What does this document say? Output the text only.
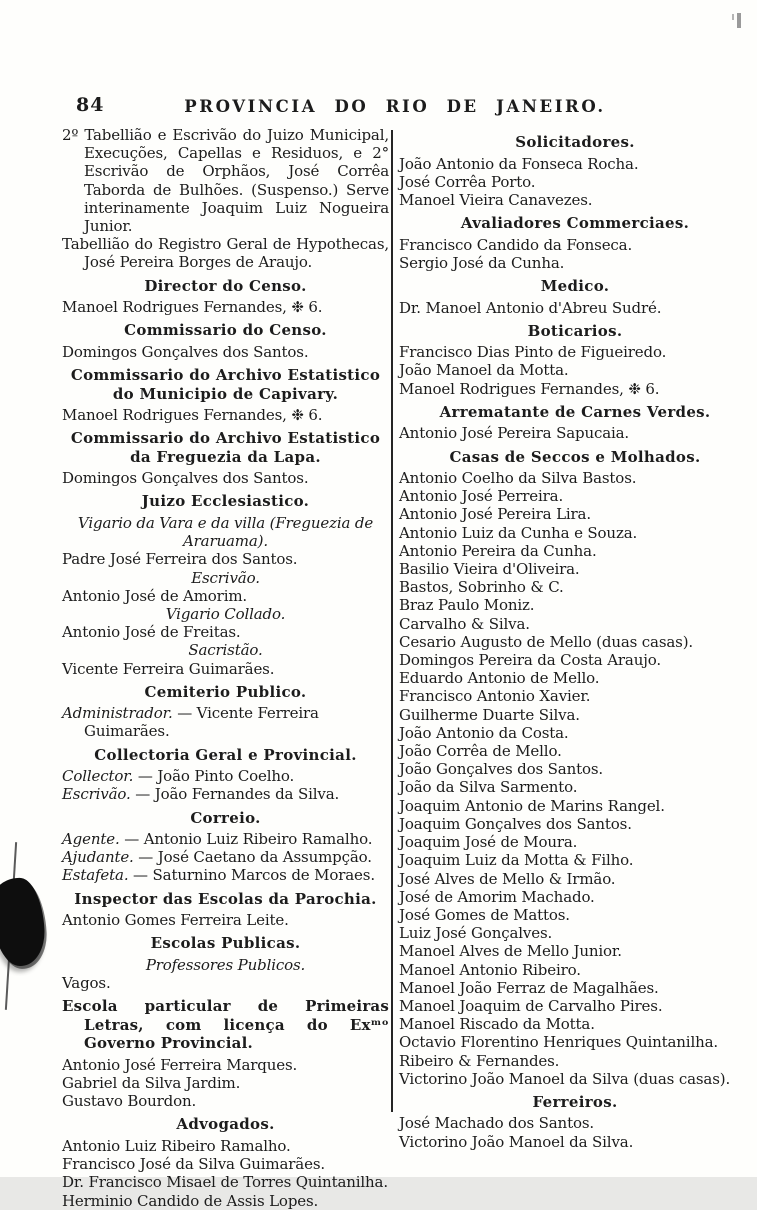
84	PROVINCIA DO RIO DE JANEIRO.
2º Tabellião e Escrivão do Juizo Municipal, Execuções, Capellas e Residuos, e 2° Escrivão de Orphãos, José Corrêa Taborda de Bulhões. (Suspenso.) Serve interinamente Joaquim Luiz Nogueira Junior.
Tabellião do Registro Geral de Hypothecas, José Pereira Borges de Araujo.
Director do Censo.
Manoel Rodrigues Fernandes, ❉ 6.
Commissario do Censo.
Domingos Gonçalves dos Santos.
Commissario do Archivo Estatistico do Municipio de Capivary.
Manoel Rodrigues Fernandes, ❉ 6.
Commissario do Archivo Estatistico da Freguezia da Lapa.
Domingos Gonçalves dos Santos.
Juizo Ecclesiastico.
Vigario da Vara e da villa (Freguezia de Araruama).
Padre José Ferreira dos Santos.
Escrivão.
Antonio José de Amorim.
Vigario Collado.
Antonio José de Freitas.
Sacristão.
Vicente Ferreira Guimarães.
Cemiterio Publico.
Administrador. — Vicente Ferreira Guimarães.
Collectoria Geral e Provincial.
Collector. — João Pinto Coelho.
Escrivão. — João Fernandes da Silva.
Correio.
Agente. — Antonio Luiz Ribeiro Ramalho.
Ajudante. — José Caetano da Assumpção.
Estafeta. — Saturnino Marcos de Moraes.
Inspector das Escolas da Parochia.
Antonio Gomes Ferreira Leite.
Escolas Publicas.
Professores Publicos.
Vagos.
Escola particular de Primeiras Letras, com licença do Exᵐᵒ Governo Provincial.
Antonio José Ferreira Marques.
Gabriel da Silva Jardim.
Gustavo Bourdon.
Advogados.
Antonio Luiz Ribeiro Ramalho.
Francisco José da Silva Guimarães.
Dr. Francisco Misael de Torres Quintanilha.
Herminio Candido de Assis Lopes.
Solicitadores.
João Antonio da Fonseca Rocha.
José Corrêa Porto.
Manoel Vieira Canavezes.
Avaliadores Commerciaes.
Francisco Candido da Fonseca.
Sergio José da Cunha.
Medico.
Dr. Manoel Antonio d'Abreu Sudré.
Boticarios.
Francisco Dias Pinto de Figueiredo.
João Manoel da Motta.
Manoel Rodrigues Fernandes, ❉ 6.
Arrematante de Carnes Verdes.
Antonio José Pereira Sapucaia.
Casas de Seccos e Molhados.
Antonio Coelho da Silva Bastos.
Antonio José Perreira.
Antonio José Pereira Lira.
Antonio Luiz da Cunha e Souza.
Antonio Pereira da Cunha.
Basilio Vieira d'Oliveira.
Bastos, Sobrinho & C.
Braz Paulo Moniz.
Carvalho & Silva.
Cesario Augusto de Mello (duas casas).
Domingos Pereira da Costa Araujo.
Eduardo Antonio de Mello.
Francisco Antonio Xavier.
Guilherme Duarte Silva.
João Antonio da Costa.
João Corrêa de Mello.
João Gonçalves dos Santos.
João da Silva Sarmento.
Joaquim Antonio de Marins Rangel.
Joaquim Gonçalves dos Santos.
Joaquim José de Moura.
Joaquim Luiz da Motta & Filho.
José Alves de Mello & Irmão.
José de Amorim Machado.
José Gomes de Mattos.
Luiz José Gonçalves.
Manoel Alves de Mello Junior.
Manoel Antonio Ribeiro.
Manoel João Ferraz de Magalhães.
Manoel Joaquim de Carvalho Pires.
Manoel Riscado da Motta.
Octavio Florentino Henriques Quintanilha.
Ribeiro & Fernandes.
Victorino João Manoel da Silva (duas casas).
Ferreiros.
José Machado dos Santos.
Victorino João Manoel da Silva.
